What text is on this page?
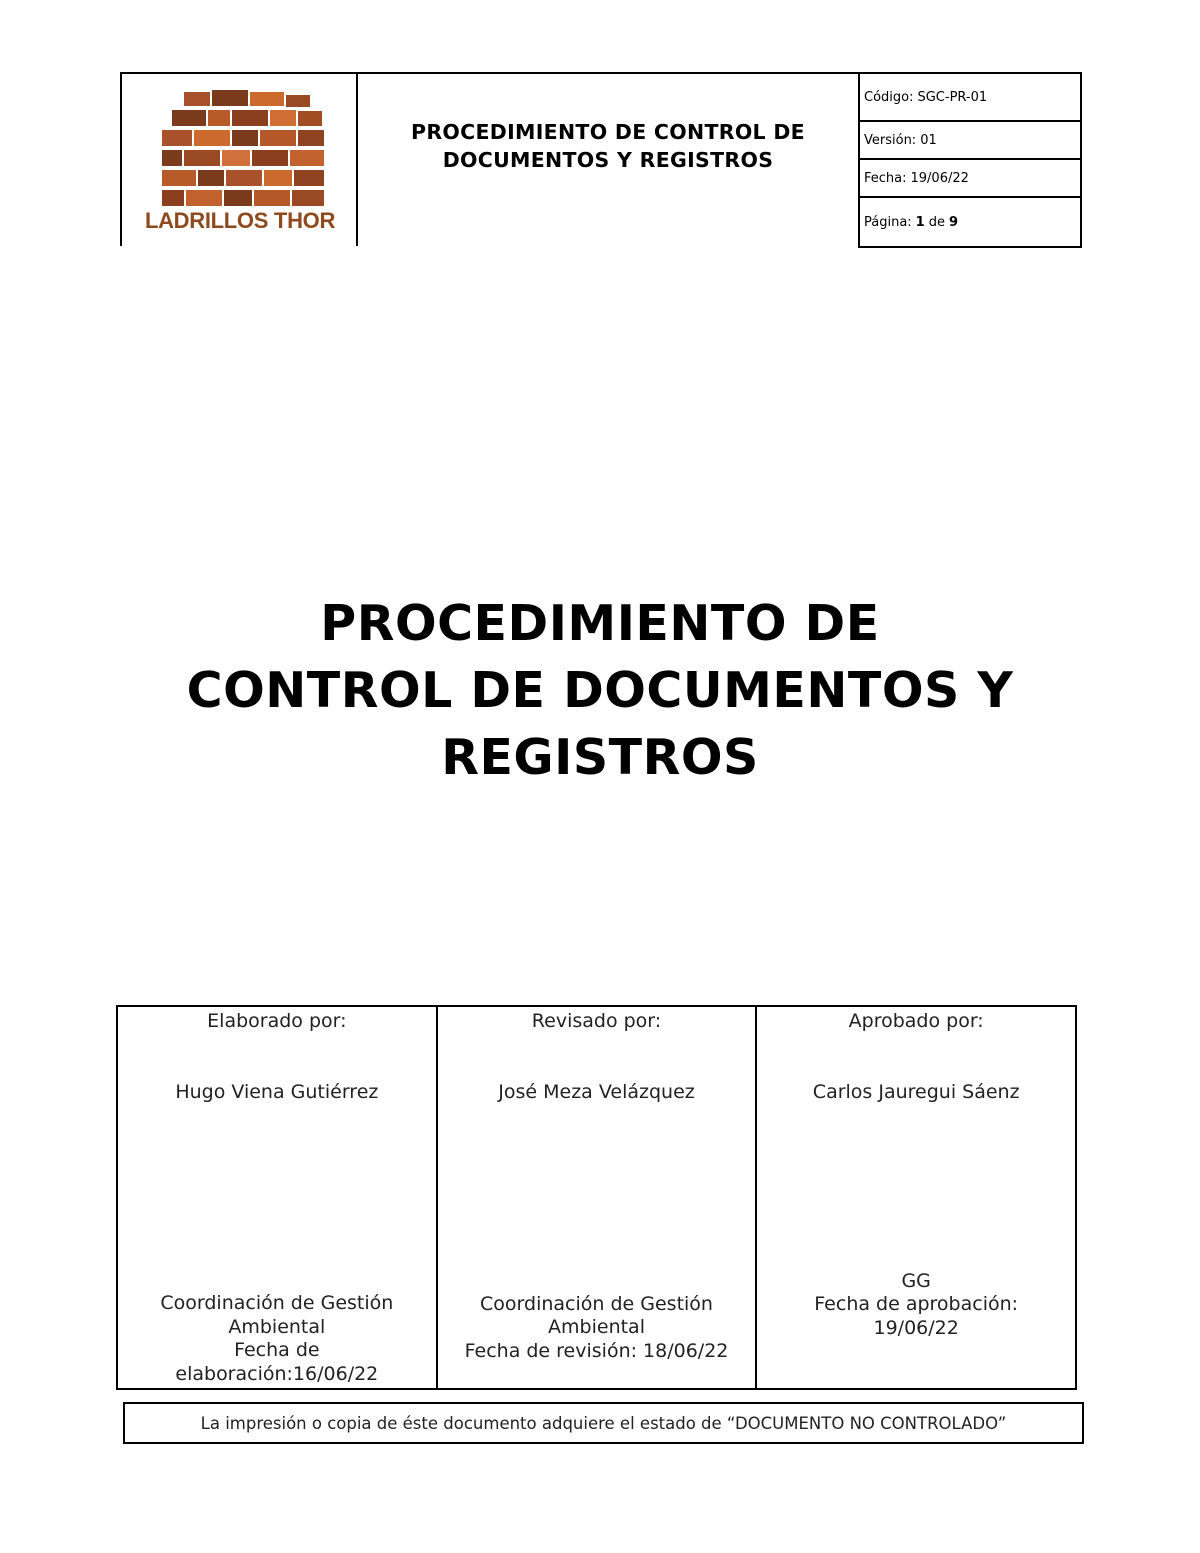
LADRILLOS THOR
PROCEDIMIENTO DE CONTROL DE
DOCUMENTOS Y REGISTROS
Código: SGC-PR-01
Versión: 01
Fecha: 19/06/22
Página: 1 de 9
PROCEDIMIENTO DE
CONTROL DE DOCUMENTOS Y
REGISTROS
Elaborado por:
Hugo Viena Gutiérrez
Coordinación de Gestión
Ambiental
Fecha de
elaboración:16/06/22
Revisado por:
José Meza Velázquez
Coordinación de Gestión
Ambiental
Fecha de revisión: 18/06/22
Aprobado por:
Carlos Jauregui Sáenz
GG
Fecha de aprobación:
19/06/22
La impresión o copia de éste documento adquiere el estado de “DOCUMENTO NO CONTROLADO”
